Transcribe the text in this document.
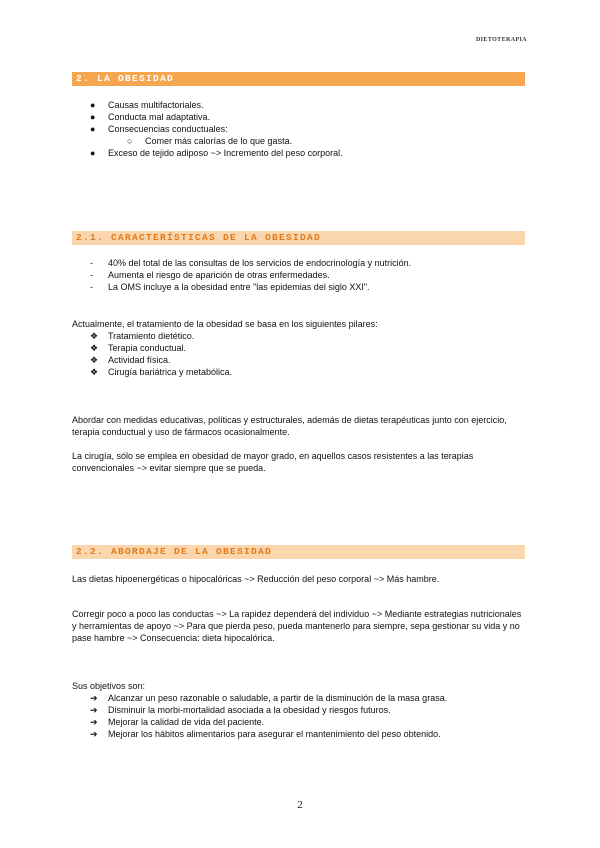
DIETOTERAPIA
2. LA OBESIDAD
● Causas multifactoriales.
● Conducta mal adaptativa.
● Consecuencias conductuales:
○ Comer más calorías de lo que gasta.
● Exceso de tejido adiposo ~> Incremento del peso corporal.
2.1. CARACTERÍSTICAS DE LA OBESIDAD
- 40% del total de las consultas de los servicios de endocrinología y nutrición.
- Aumenta el riesgo de aparición de otras enfermedades.
- La OMS incluye a la obesidad entre "las epidemias del siglo XXI".
Actualmente, el tratamiento de la obesidad se basa en los siguientes pilares:
❖ Tratamiento dietético.
❖ Terapia conductual.
❖ Actividad física.
❖ Cirugía bariátrica y metabólica.
Abordar con medidas educativas, políticas y estructurales, además de dietas terapéuticas junto con ejercicio,
terapia conductual y uso de fármacos ocasionalmente.
La cirugía, sólo se emplea en obesidad de mayor grado, en aquellos casos resistentes a las terapias
convencionales ~> evitar siempre que se pueda.
2.2. ABORDAJE DE LA OBESIDAD
Las dietas hipoenergéticas o hipocalóricas ~> Reducción del peso corporal ~> Más hambre.
Corregir poco a poco las conductas ~> La rapidez dependerá del individuo ~> Mediante estrategias nutricionales
y herramientas de apoyo ~> Para que pierda peso, pueda mantenerlo para siempre, sepa gestionar su vida y no
pase hambre ~> Consecuencia: dieta hipocalórica.
Sus objetivos son:
➔ Alcanzar un peso razonable o saludable, a partir de la disminución de la masa grasa.
➔ Disminuir la morbi-mortalidad asociada a la obesidad y riesgos futuros.
➔ Mejorar la calidad de vida del paciente.
➔ Mejorar los hábitos alimentarios para asegurar el mantenimiento del peso obtenido.
2
